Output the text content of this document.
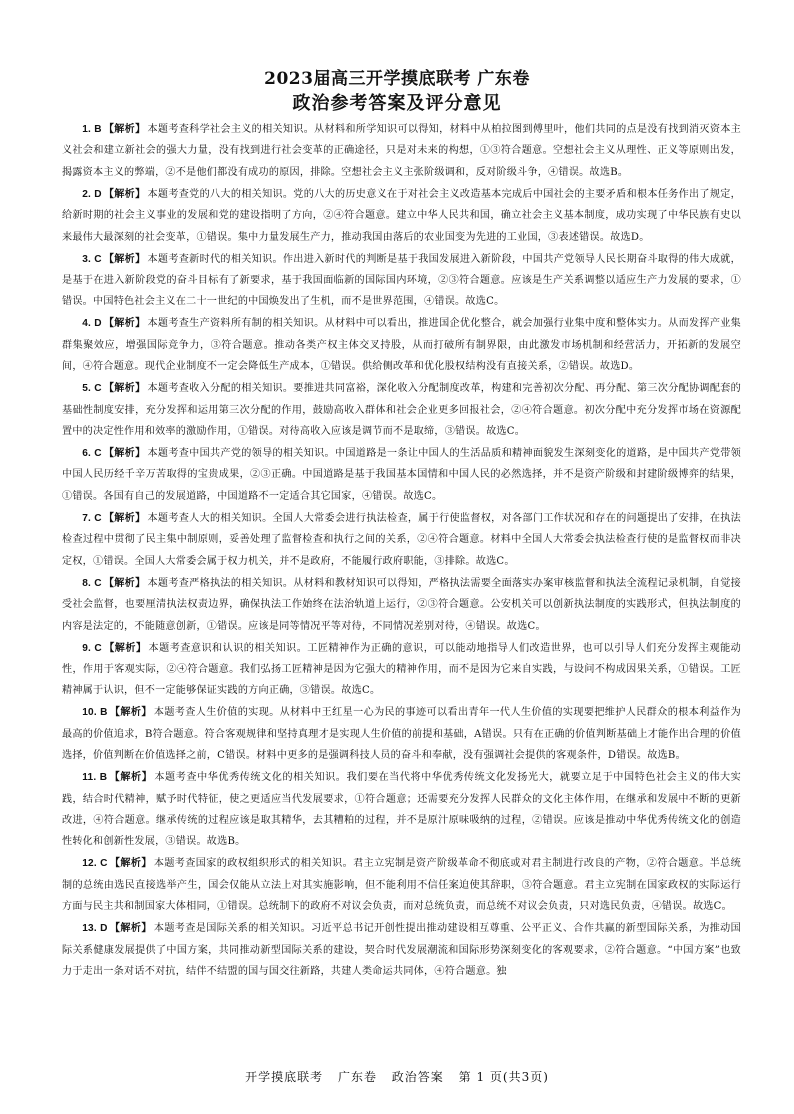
2023届高三开学摸底联考 广东卷
政治参考答案及评分意见

1. B 【解析】 本题考查科学社会主义的相关知识。从材料和所学知识可以得知，材料中从柏拉图到傅里叶，他们共同的点是没有找到消灭资本主义社会和建立新社会的强大力量，没有找到进行社会变革的正确途径，只是对未来的构想，①③符合题意。空想社会主义从理性、正义等原则出发，揭露资本主义的弊端，②不是他们都没有成功的原因，排除。空想社会主义主张阶级调和，反对阶级斗争，④错误。故选B。

2. D 【解析】 本题考查党的八大的相关知识。党的八大的历史意义在于对社会主义改造基本完成后中国社会的主要矛盾和根本任务作出了规定，给新时期的社会主义事业的发展和党的建设指明了方向，②④符合题意。建立中华人民共和国，确立社会主义基本制度，成功实现了中华民族有史以来最伟大最深刻的社会变革，①错误。集中力量发展生产力，推动我国由落后的农业国变为先进的工业国，③表述错误。故选D。

3. C 【解析】 本题考查新时代的相关知识。作出进入新时代的判断是基于我国发展进入新阶段，中国共产党领导人民长期奋斗取得的伟大成就，是基于在进入新阶段党的奋斗目标有了新要求，基于我国面临新的国际国内环境，②③符合题意。应该是生产关系调整以适应生产力发展的要求，①错误。中国特色社会主义在二十一世纪的中国焕发出了生机，而不是世界范围，④错误。故选C。

4. D 【解析】 本题考查生产资料所有制的相关知识。从材料中可以看出，推进国企优化整合，就会加强行业集中度和整体实力。从而发挥产业集群集聚效应，增强国际竞争力，③符合题意。推动各类产权主体交叉持股，从而打破所有制界限，由此激发市场机制和经营活力，开拓新的发展空间，④符合题意。现代企业制度不一定会降低生产成本，①错误。供给侧改革和优化股权结构没有直接关系，②错误。故选D。

5. C 【解析】 本题考查收入分配的相关知识。要推进共同富裕，深化收入分配制度改革，构建和完善初次分配、再分配、第三次分配协调配套的基础性制度安排，充分发挥和运用第三次分配的作用，鼓励高收入群体和社会企业更多回报社会，②④符合题意。初次分配中充分发挥市场在资源配置中的决定性作用和效率的激励作用，①错误。对待高收入应该是调节而不是取缔，③错误。故选C。

6. C 【解析】 本题考查中国共产党的领导的相关知识。中国道路是一条让中国人的生活品质和精神面貌发生深刻变化的道路，是中国共产党带领中国人民历经千辛万苦取得的宝贵成果，②③正确。中国道路是基于我国基本国情和中国人民的必然选择，并不是资产阶级和封建阶级博弈的结果，①错误。各国有自己的发展道路，中国道路不一定适合其它国家，④错误。故选C。

7. C 【解析】 本题考查人大的相关知识。全国人大常委会进行执法检查，属于行使监督权，对各部门工作状况和存在的问题提出了安排，在执法检查过程中贯彻了民主集中制原则，妥善处理了监督检查和执行之间的关系，②④符合题意。材料中全国人大常委会执法检查行使的是监督权而非决定权，①错误。全国人大常委会属于权力机关，并不是政府，不能履行政府职能，③排除。故选C。

8. C 【解析】 本题考查严格执法的相关知识。从材料和教材知识可以得知，严格执法需要全面落实办案审核监督和执法全流程记录机制，自觉接受社会监督，也要厘清执法权责边界，确保执法工作始终在法治轨道上运行，②③符合题意。公安机关可以创新执法制度的实践形式，但执法制度的内容是法定的，不能随意创新，①错误。应该是同等情况平等对待，不同情况差别对待，④错误。故选C。

9. C 【解析】 本题考查意识和认识的相关知识。工匠精神作为正确的意识，可以能动地指导人们改造世界，也可以引导人们充分发挥主观能动性，作用于客观实际，②④符合题意。我们弘扬工匠精神是因为它强大的精神作用，而不是因为它来自实践，与设问不构成因果关系，①错误。工匠精神属于认识，但不一定能够保证实践的方向正确，③错误。故选C。

10. B 【解析】 本题考查人生价值的实现。从材料中王红星一心为民的事迹可以看出青年一代人生价值的实现要把维护人民群众的根本利益作为最高的价值追求，B符合题意。符合客观规律和坚持真理才是实现人生价值的前提和基础，A错误。只有在正确的价值判断基础上才能作出合理的价值选择，价值判断在价值选择之前，C错误。材料中更多的是强调科技人员的奋斗和奉献，没有强调社会提供的客观条件，D错误。故选B。

11. B 【解析】 本题考查中华优秀传统文化的相关知识。我们要在当代将中华优秀传统文化发扬光大，就要立足于中国特色社会主义的伟大实践，结合时代精神，赋予时代特征，使之更适应当代发展要求，①符合题意；还需要充分发挥人民群众的文化主体作用，在继承和发展中不断的更新改进，④符合题意。继承传统的过程应该是取其精华，去其糟粕的过程，并不是原汁原味吸纳的过程，②错误。应该是推动中华优秀传统文化的创造性转化和创新性发展，③错误。故选B。

12. C 【解析】 本题考查国家的政权组织形式的相关知识。君主立宪制是资产阶级革命不彻底或对君主制进行改良的产物，②符合题意。半总统制的总统由选民直接选举产生，国会仅能从立法上对其实施影响，但不能利用不信任案迫使其辞职，③符合题意。君主立宪制在国家政权的实际运行方面与民主共和制国家大体相同，①错误。总统制下的政府不对议会负责，而对总统负责，而总统不对议会负责，只对选民负责，④错误。故选C。

13. D 【解析】 本题考查是国际关系的相关知识。习近平总书记开创性提出推动建设相互尊重、公平正义、合作共赢的新型国际关系，为推动国际关系健康发展提供了中国方案，共同推动新型国际关系的建设，契合时代发展潮流和国际形势深刻变化的客观要求，②符合题意。“中国方案”也致力于走出一条对话不对抗，结伴不结盟的国与国交往新路，共建人类命运共同体，④符合题意。独

开学摸底联考 广东卷 政治答案 第 1 页(共3页)
